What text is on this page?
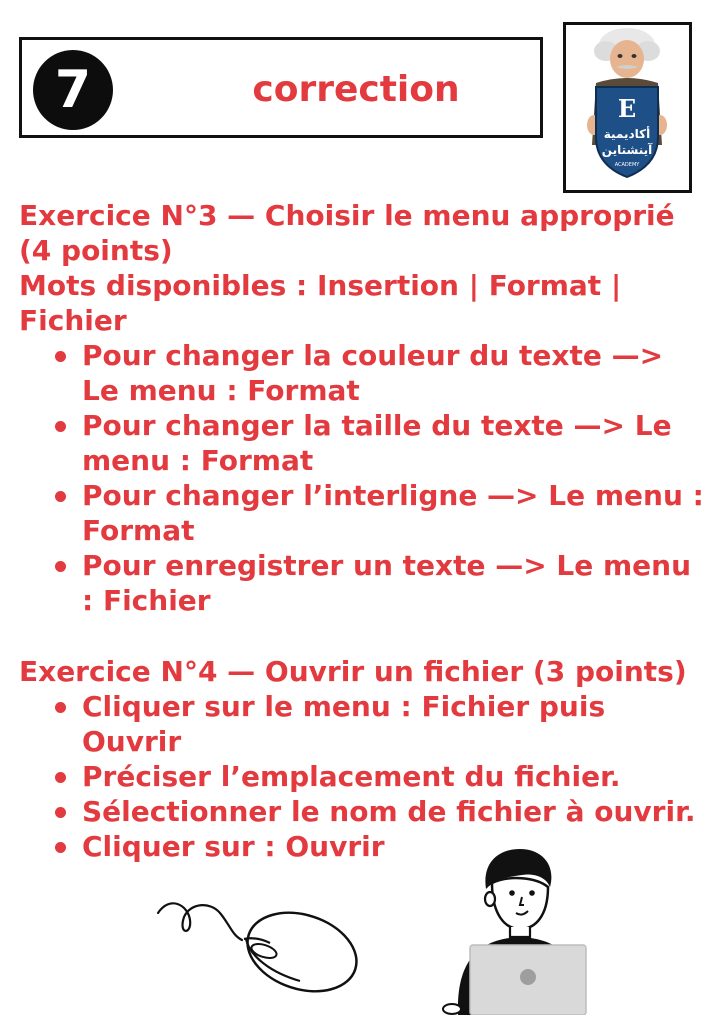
7	correction	E
أكاديمية
آينشتاين
ACADEMY
Exercice N°3 — Choisir le menu approprié
(4 points)
Mots disponibles : Insertion | Format |
Fichier
Pour changer la couleur du texte —> Le menu : Format
Pour changer la taille du texte —> Le menu : Format
Pour changer l’interligne —> Le menu : Format
Pour enregistrer un texte —> Le menu : Fichier
Exercice N°4 — Ouvrir un fichier (3 points)
Cliquer sur le menu : Fichier puis Ouvrir
Préciser l’emplacement du fichier.
Sélectionner le nom de fichier à ouvrir.
Cliquer sur : Ouvrir
